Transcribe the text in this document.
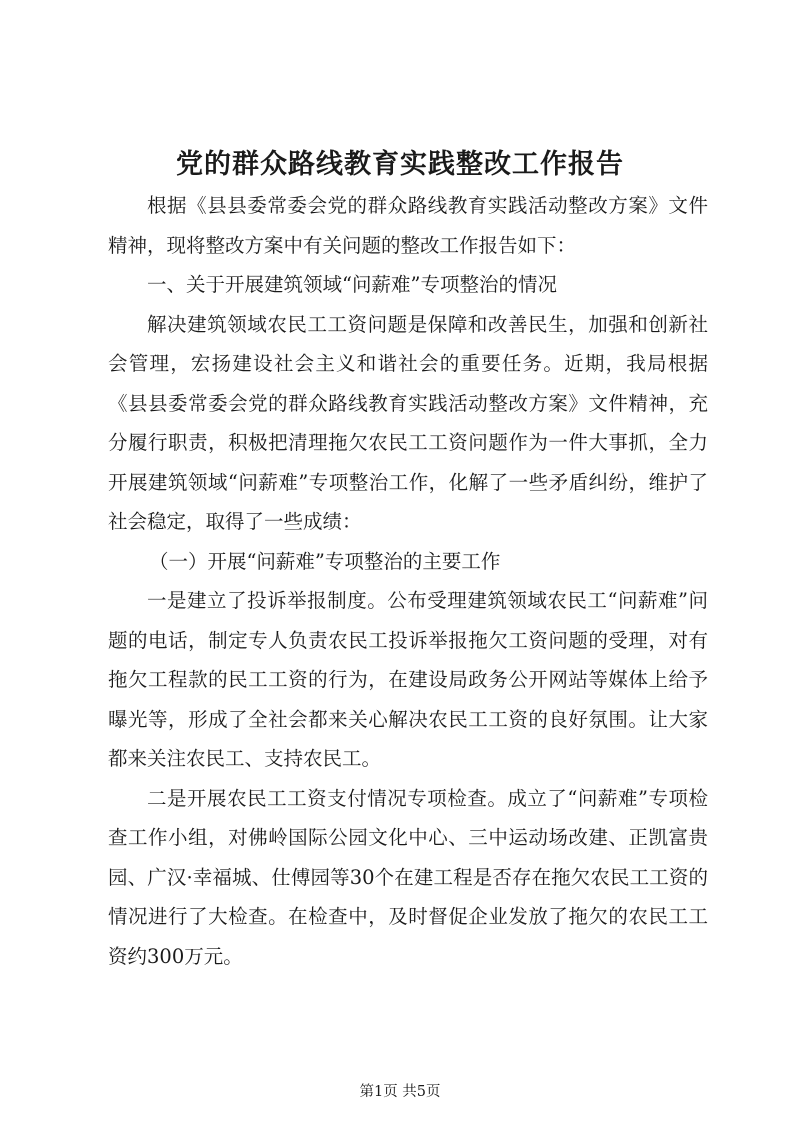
党的群众路线教育实践整改工作报告

根据《县县委常委会党的群众路线教育实践活动整改方案》文件精神，现将整改方案中有关问题的整改工作报告如下：

一、关于开展建筑领域“问薪难”专项整治的情况

解决建筑领域农民工工资问题是保障和改善民生，加强和创新社会管理，宏扬建设社会主义和谐社会的重要任务。近期，我局根据《县县委常委会党的群众路线教育实践活动整改方案》文件精神，充分履行职责，积极把清理拖欠农民工工资问题作为一件大事抓，全力开展建筑领域“问薪难”专项整治工作，化解了一些矛盾纠纷，维护了社会稳定，取得了一些成绩：

（一）开展“问薪难”专项整治的主要工作

一是建立了投诉举报制度。公布受理建筑领域农民工“问薪难”问题的电话，制定专人负责农民工投诉举报拖欠工资问题的受理，对有拖欠工程款的民工工资的行为，在建设局政务公开网站等媒体上给予曝光等，形成了全社会都来关心解决农民工工资的良好氛围。让大家都来关注农民工、支持农民工。

二是开展农民工工资支付情况专项检查。成立了“问薪难”专项检查工作小组，对佛岭国际公园文化中心、三中运动场改建、正凯富贵园、广汉·幸福城、仕傅园等30个在建工程是否存在拖欠农民工工资的情况进行了大检查。在检查中，及时督促企业发放了拖欠的农民工工资约300万元。

第1页 共5页
